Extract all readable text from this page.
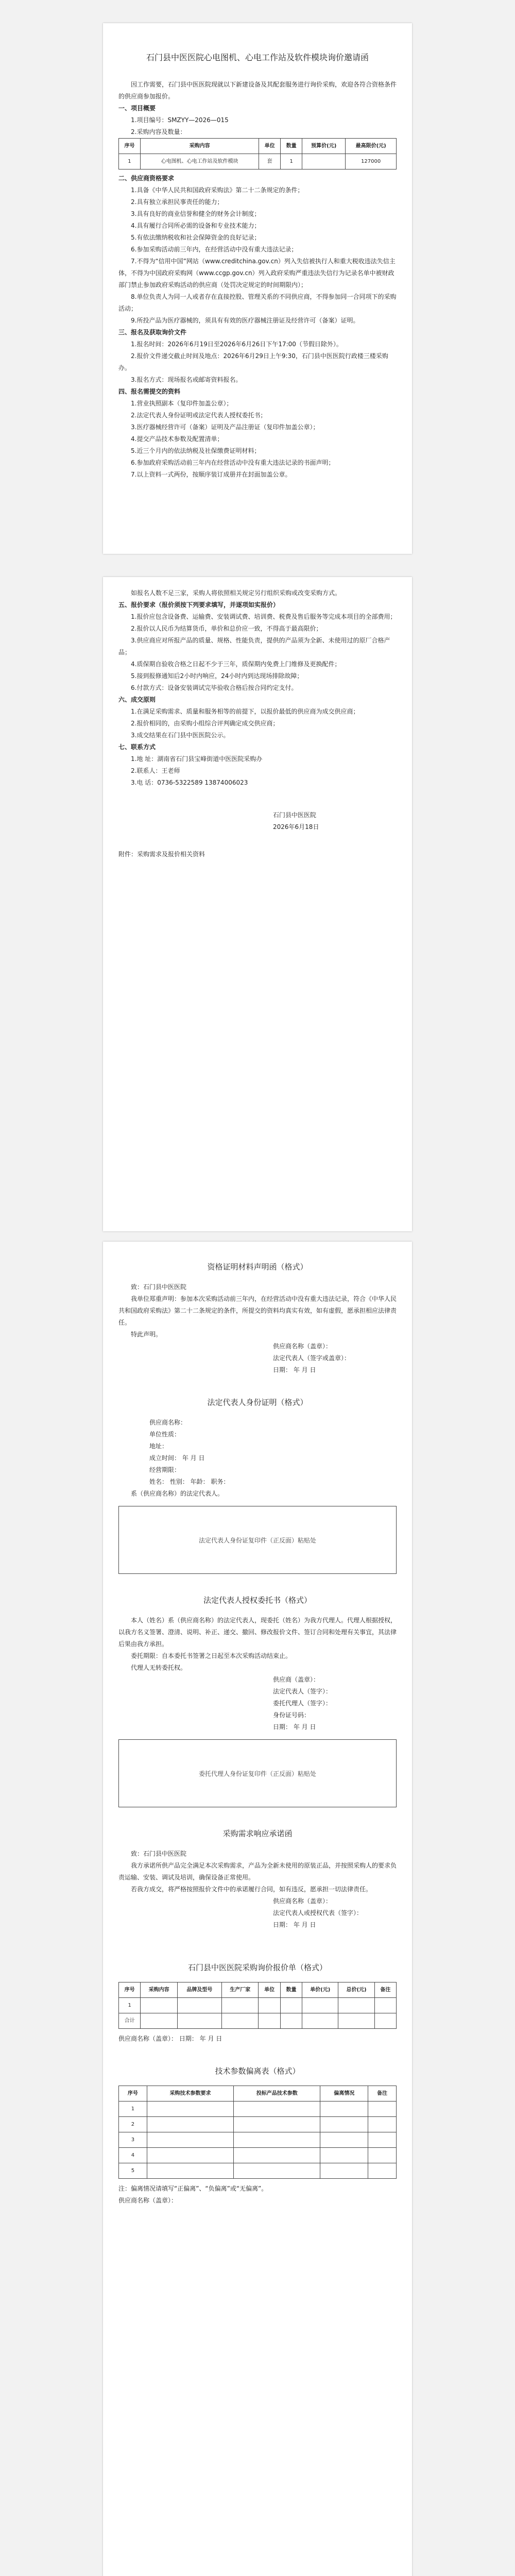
石门县中医医院心电图机、心电工作站及软件模块询价邀请函

因工作需要，石门县中医医院现就以下新建设备及其配套服务进行询价采购，欢迎各符合资格条件的供应商参加报价。

一、项目概要

1.项目编号：SMZYY—2026—015

2.采购内容及数量：

序号	采购内容	单位	数量	预算价(元)	最高限价(元)
1	心电图机、心电工作站及软件模块	套	1		127000

二、供应商资格要求

1.具备《中华人民共和国政府采购法》第二十二条规定的条件；

2.具有独立承担民事责任的能力；

3.具有良好的商业信誉和健全的财务会计制度；

4.具有履行合同所必需的设备和专业技术能力；

5.有依法缴纳税收和社会保障资金的良好记录；

6.参加采购活动前三年内，在经营活动中没有重大违法记录；

7.不得为“信用中国”网站（www.creditchina.gov.cn）列入失信被执行人和重大税收违法失信主体，不得为中国政府采购网（www.ccgp.gov.cn）列入政府采购严重违法失信行为记录名单中被财政部门禁止参加政府采购活动的供应商（处罚决定规定的时间期限内）；

8.单位负责人为同一人或者存在直接控股、管理关系的不同供应商，不得参加同一合同项下的采购活动；

9.所投产品为医疗器械的，须具有有效的医疗器械注册证及经营许可（备案）证明。

三、报名及获取询价文件

1.报名时间：2026年6月19日至2026年6月26日下午17:00（节假日除外）。

2.报价文件递交截止时间及地点：2026年6月29日上午9:30，石门县中医医院行政楼三楼采购办。

3.报名方式：现场报名或邮寄资料报名。

四、报名需提交的资料

1.营业执照副本（复印件加盖公章）；

2.法定代表人身份证明或法定代表人授权委托书；

3.医疗器械经营许可（备案）证明及产品注册证（复印件加盖公章）；

4.提交产品技术参数及配置清单；

5.近三个月内的依法纳税及社保缴费证明材料；

6.参加政府采购活动前三年内在经营活动中没有重大违法记录的书面声明；

7.以上资料一式两份，按顺序装订成册并在封面加盖公章。

如报名人数不足三家，采购人将依照相关规定另行组织采购或改变采购方式。

五、报价要求（报价须按下列要求填写，并逐项如实报价）

1.报价应包含设备费、运输费、安装调试费、培训费、税费及售后服务等完成本项目的全部费用；

2.报价以人民币为结算货币，单价和总价应一致，不得高于最高限价；

3.供应商应对所报产品的质量、规格、性能负责，提供的产品须为全新、未使用过的原厂合格产品；

4.质保期自验收合格之日起不少于三年，质保期内免费上门维修及更换配件；

5.接到报修通知后2小时内响应，24小时内到达现场排除故障；

6.付款方式：设备安装调试完毕验收合格后按合同约定支付。

六、成交原则

1.在满足采购需求、质量和服务相等的前提下，以报价最低的供应商为成交供应商；

2.报价相同的，由采购小组综合评判确定成交供应商；

3.成交结果在石门县中医医院公示。

七、联系方式

1.地 址：湖南省石门县宝峰街道中医医院采购办

2.联系人：王老师

3.电 话：0736-5322589 13874006023

石门县中医医院

2026年6月18日

附件：采购需求及报价相关资料

资格证明材料声明函（格式）

致：石门县中医医院

我单位郑重声明：参加本次采购活动前三年内，在经营活动中没有重大违法记录，符合《中华人民共和国政府采购法》第二十二条规定的条件，所提交的资料均真实有效，如有虚假，愿承担相应法律责任。

特此声明。

供应商名称（盖章）：

法定代表人（签字或盖章）：

日期： 年 月 日

法定代表人身份证明（格式）

供应商名称：

单位性质：

地址：

成立时间： 年 月 日

经营期限：

姓名： 性别： 年龄： 职务：

系（供应商名称）的法定代表人。

法定代表人身份证复印件（正反面）粘贴处
法定代表人授权委托书（格式）

本人（姓名）系（供应商名称）的法定代表人，现委托（姓名）为我方代理人。代理人根据授权，以我方名义签署、澄清、说明、补正、递交、撤回、修改报价文件、签订合同和处理有关事宜，其法律后果由我方承担。

委托期限：自本委托书签署之日起至本次采购活动结束止。

代理人无转委托权。

供应商（盖章）：

法定代表人（签字）：

委托代理人（签字）：

身份证号码：

日期： 年 月 日

委托代理人身份证复印件（正反面）粘贴处
采购需求响应承诺函

致：石门县中医医院

我方承诺所供产品完全满足本次采购需求，产品为全新未使用的原装正品，并按照采购人的要求负责运输、安装、调试及培训，确保设备正常使用。

若我方成交，将严格按照报价文件中的承诺履行合同，如有违反，愿承担一切法律责任。

供应商名称（盖章）：

法定代表人或授权代表（签字）：

日期： 年 月 日

石门县中医医院采购询价报价单（格式）
序号	采购内容	品牌及型号	生产厂家	单位	数量	单价(元)	总价(元)	备注
1								
合计								

供应商名称（盖章）： 日期： 年 月 日

技术参数偏离表（格式）
序号	采购技术参数要求	投标产品技术参数	偏离情况	备注
1				
2				
3				
4				
5				

注：偏离情况请填写“正偏离”、“负偏离”或“无偏离”。

供应商名称（盖章）：
